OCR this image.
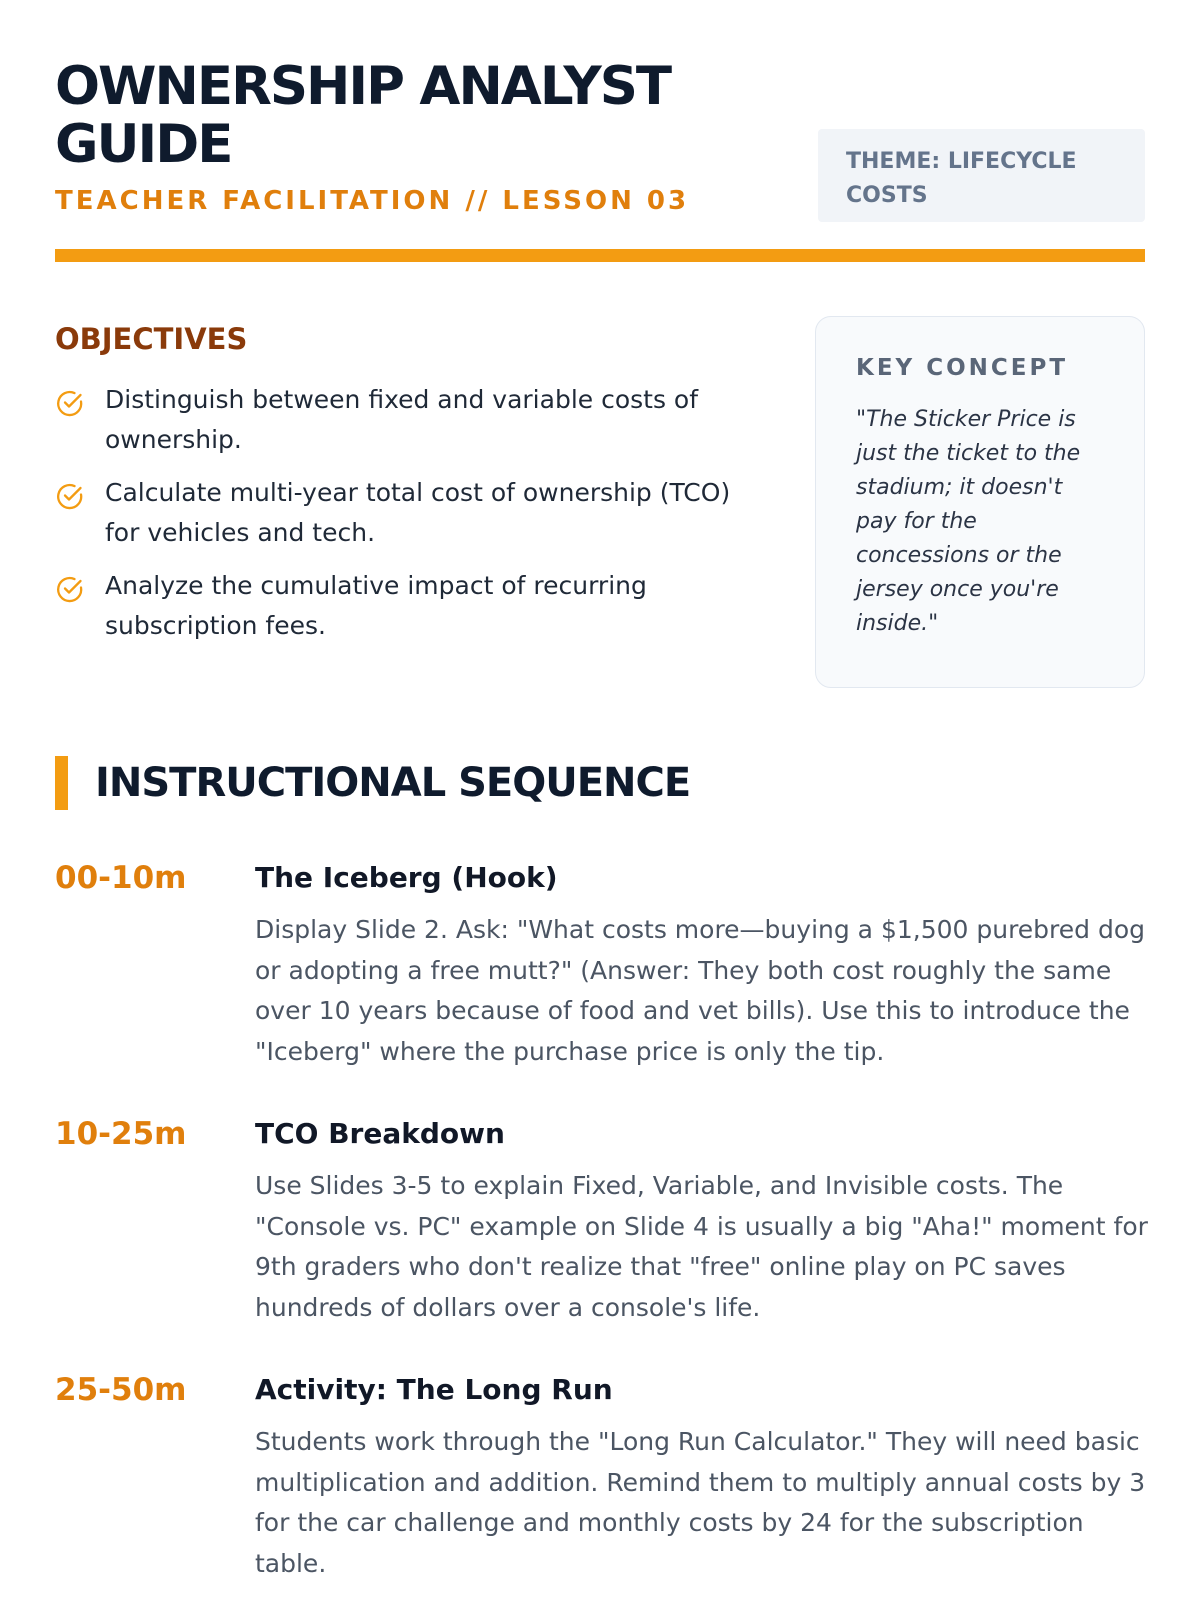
OWNERSHIP ANALYST GUIDE
TEACHER FACILITATION // LESSON 03
THEME: LIFECYCLE COSTS
OBJECTIVES
Distinguish between fixed and variable costs of ownership.
Calculate multi-year total cost of ownership (TCO) for vehicles and tech.
Analyze the cumulative impact of recurring subscription fees.
KEY CONCEPT

"The Sticker Price is just the ticket to the stadium; it doesn't pay for the concessions or the jersey once you're inside."

INSTRUCTIONAL SEQUENCE
00-10m	The Iceberg (Hook)

Display Slide 2. Ask: "What costs more—buying a $1,500 purebred dog or adopting a free mutt?" (Answer: They both cost roughly the same over 10 years because of food and vet bills). Use this to introduce the "Iceberg" where the purchase price is only the tip.

10-25m	TCO Breakdown

Use Slides 3-5 to explain Fixed, Variable, and Invisible costs. The "Console vs. PC" example on Slide 4 is usually a big "Aha!" moment for 9th graders who don't realize that "free" online play on PC saves hundreds of dollars over a console's life.

25-50m	Activity: The Long Run

Students work through the "Long Run Calculator." They will need basic multiplication and addition. Remind them to multiply annual costs by 3 for the car challenge and monthly costs by 24 for the subscription table.
